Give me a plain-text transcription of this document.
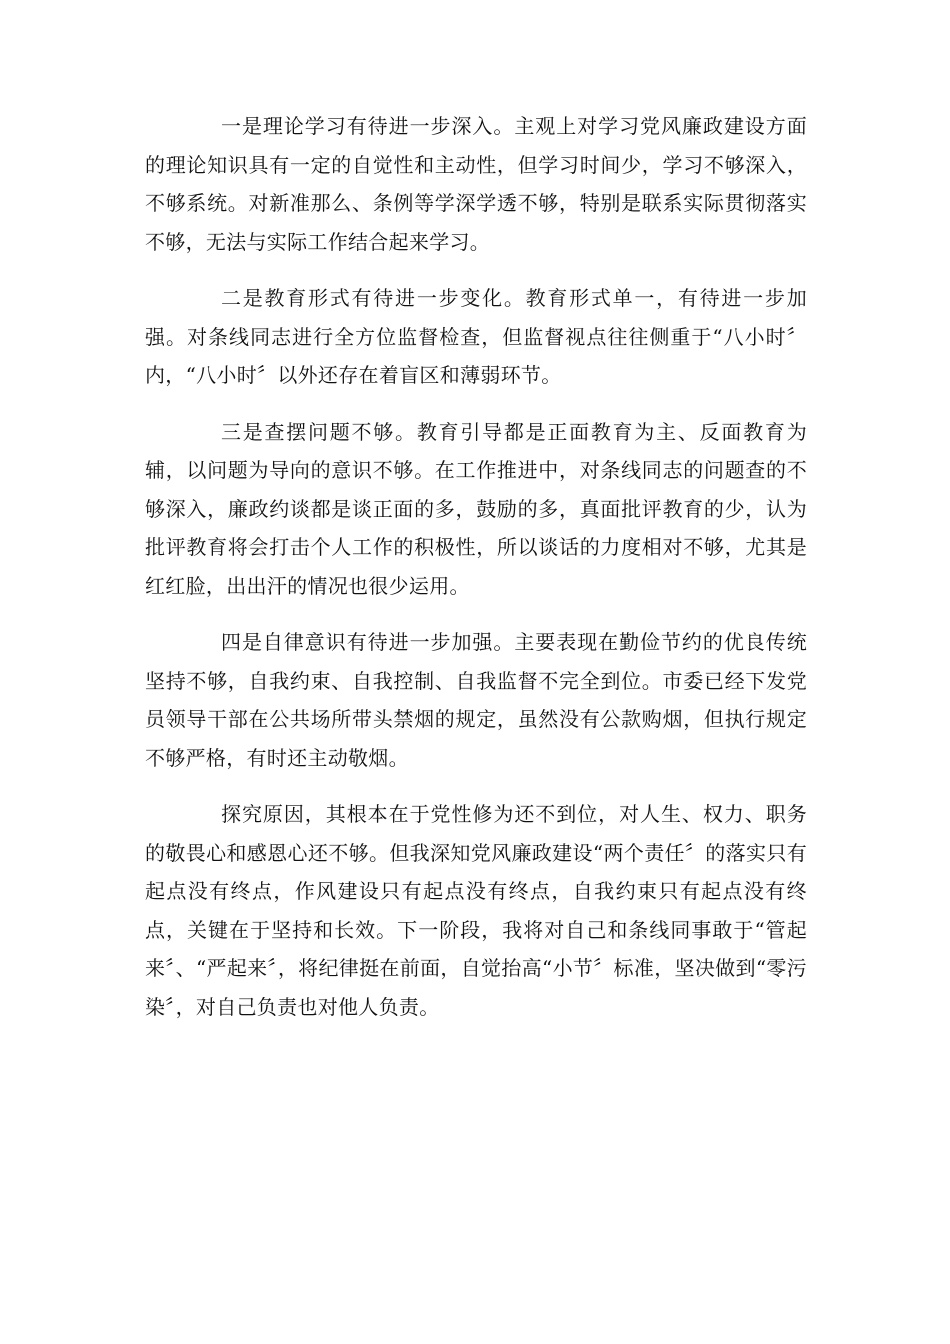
一是理论学习有待进一步深入。主观上对学习党风廉政建设方面的理论知识具有一定的自觉性和主动性，但学习时间少，学习不够深入，不够系统。对新准那么、条例等学深学透不够，特别是联系实际贯彻落实不够，无法与实际工作结合起来学习。

二是教育形式有待进一步变化。教育形式单一，有待进一步加强。对条线同志进行全方位监督检查，但监督视点往往侧重于“八小时〞内，“八小时〞以外还存在着盲区和薄弱环节。

三是查摆问题不够。教育引导都是正面教育为主、反面教育为辅，以问题为导向的意识不够。在工作推进中，对条线同志的问题查的不够深入，廉政约谈都是谈正面的多，鼓励的多，真面批评教育的少，认为批评教育将会打击个人工作的积极性，所以谈话的力度相对不够，尤其是红红脸，出出汗的情况也很少运用。

四是自律意识有待进一步加强。主要表现在勤俭节约的优良传统坚持不够，自我约束、自我控制、自我监督不完全到位。市委已经下发党员领导干部在公共场所带头禁烟的规定，虽然没有公款购烟，但执行规定不够严格，有时还主动敬烟。

探究原因，其根本在于党性修为还不到位，对人生、权力、职务的敬畏心和感恩心还不够。但我深知党风廉政建设“两个责任〞的落实只有起点没有终点，作风建设只有起点没有终点，自我约束只有起点没有终点，关键在于坚持和长效。下一阶段，我将对自己和条线同事敢于“管起来〞、“严起来〞，将纪律挺在前面，自觉抬高“小节〞标准，坚决做到“零污染〞，对自己负责也对他人负责。
